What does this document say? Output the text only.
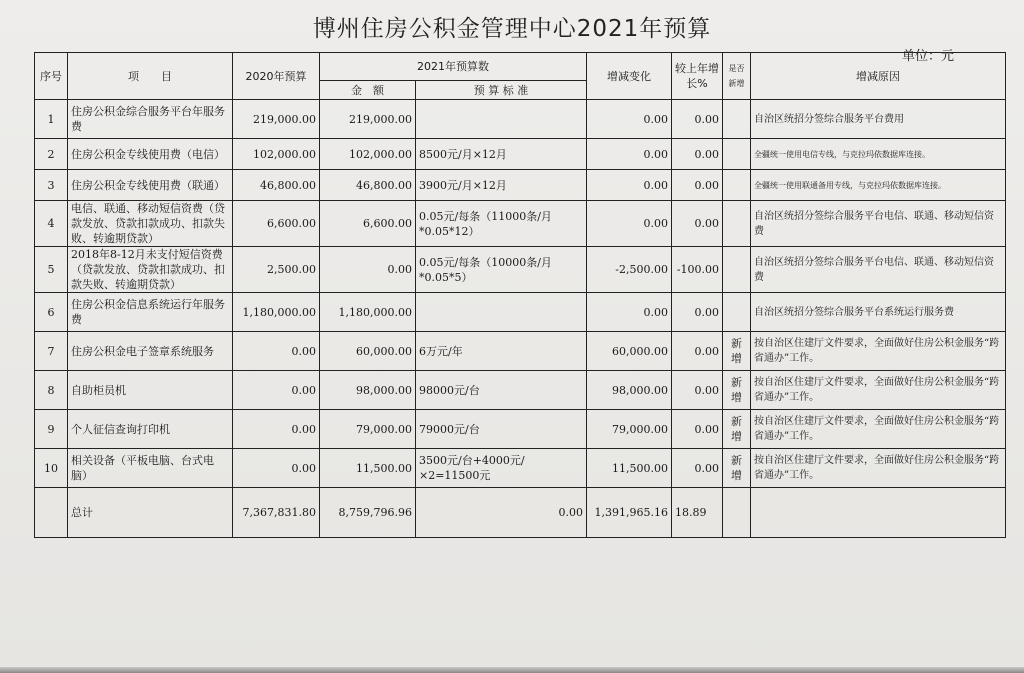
博州住房公积金管理中心2021年预算
单位：元
序号	项　　目	2020年预算	2021年预算数		增减变化	较上年增长%	是否新增	增减原因
			金　额	预 算 标 准				
1	住房公积金综合服务平台年服务费	219,000.00	219,000.00		0.00	0.00		自治区统招分签综合服务平台费用
2	住房公积金专线使用费（电信）	102,000.00	102,000.00	8500元/月×12月	0.00	0.00		全疆统一使用电信专线，与克拉玛依数据库连接。
3	住房公积金专线使用费（联通）	46,800.00	46,800.00	3900元/月×12月	0.00	0.00		全疆统一使用联通备用专线，与克拉玛依数据库连接。
4	电信、联通、移动短信资费（贷款发放、贷款扣款成功、扣款失败、转逾期贷款）	6,600.00	6,600.00	0.05元/每条（11000条/月*0.05*12）	0.00	0.00		自治区统招分签综合服务平台电信、联通、移动短信资费
5	2018年8-12月未支付短信资费（贷款发放、贷款扣款成功、扣款失败、转逾期贷款）	2,500.00	0.00	0.05元/每条（10000条/月*0.05*5）	-2,500.00	-100.00		自治区统招分签综合服务平台电信、联通、移动短信资费
6	住房公积金信息系统运行年服务费	1,180,000.00	1,180,000.00		0.00	0.00		自治区统招分签综合服务平台系统运行服务费
7	住房公积金电子签章系统服务	0.00	60,000.00	6万元/年	60,000.00	0.00	新增	按自治区住建厅文件要求，全面做好住房公积金服务“跨省通办”工作。
8	自助柜员机	0.00	98,000.00	98000元/台	98,000.00	0.00	新增	按自治区住建厅文件要求，全面做好住房公积金服务“跨省通办”工作。
9	个人征信查询打印机	0.00	79,000.00	79000元/台	79,000.00	0.00	新增	按自治区住建厅文件要求，全面做好住房公积金服务“跨省通办”工作。
10	相关设备（平板电脑、台式电脑）	0.00	11,500.00	3500元/台+4000元/×2=11500元	11,500.00	0.00	新增	按自治区住建厅文件要求，全面做好住房公积金服务“跨省通办”工作。
	总计	7,367,831.80	8,759,796.96	0.00	1,391,965.16	18.89		
